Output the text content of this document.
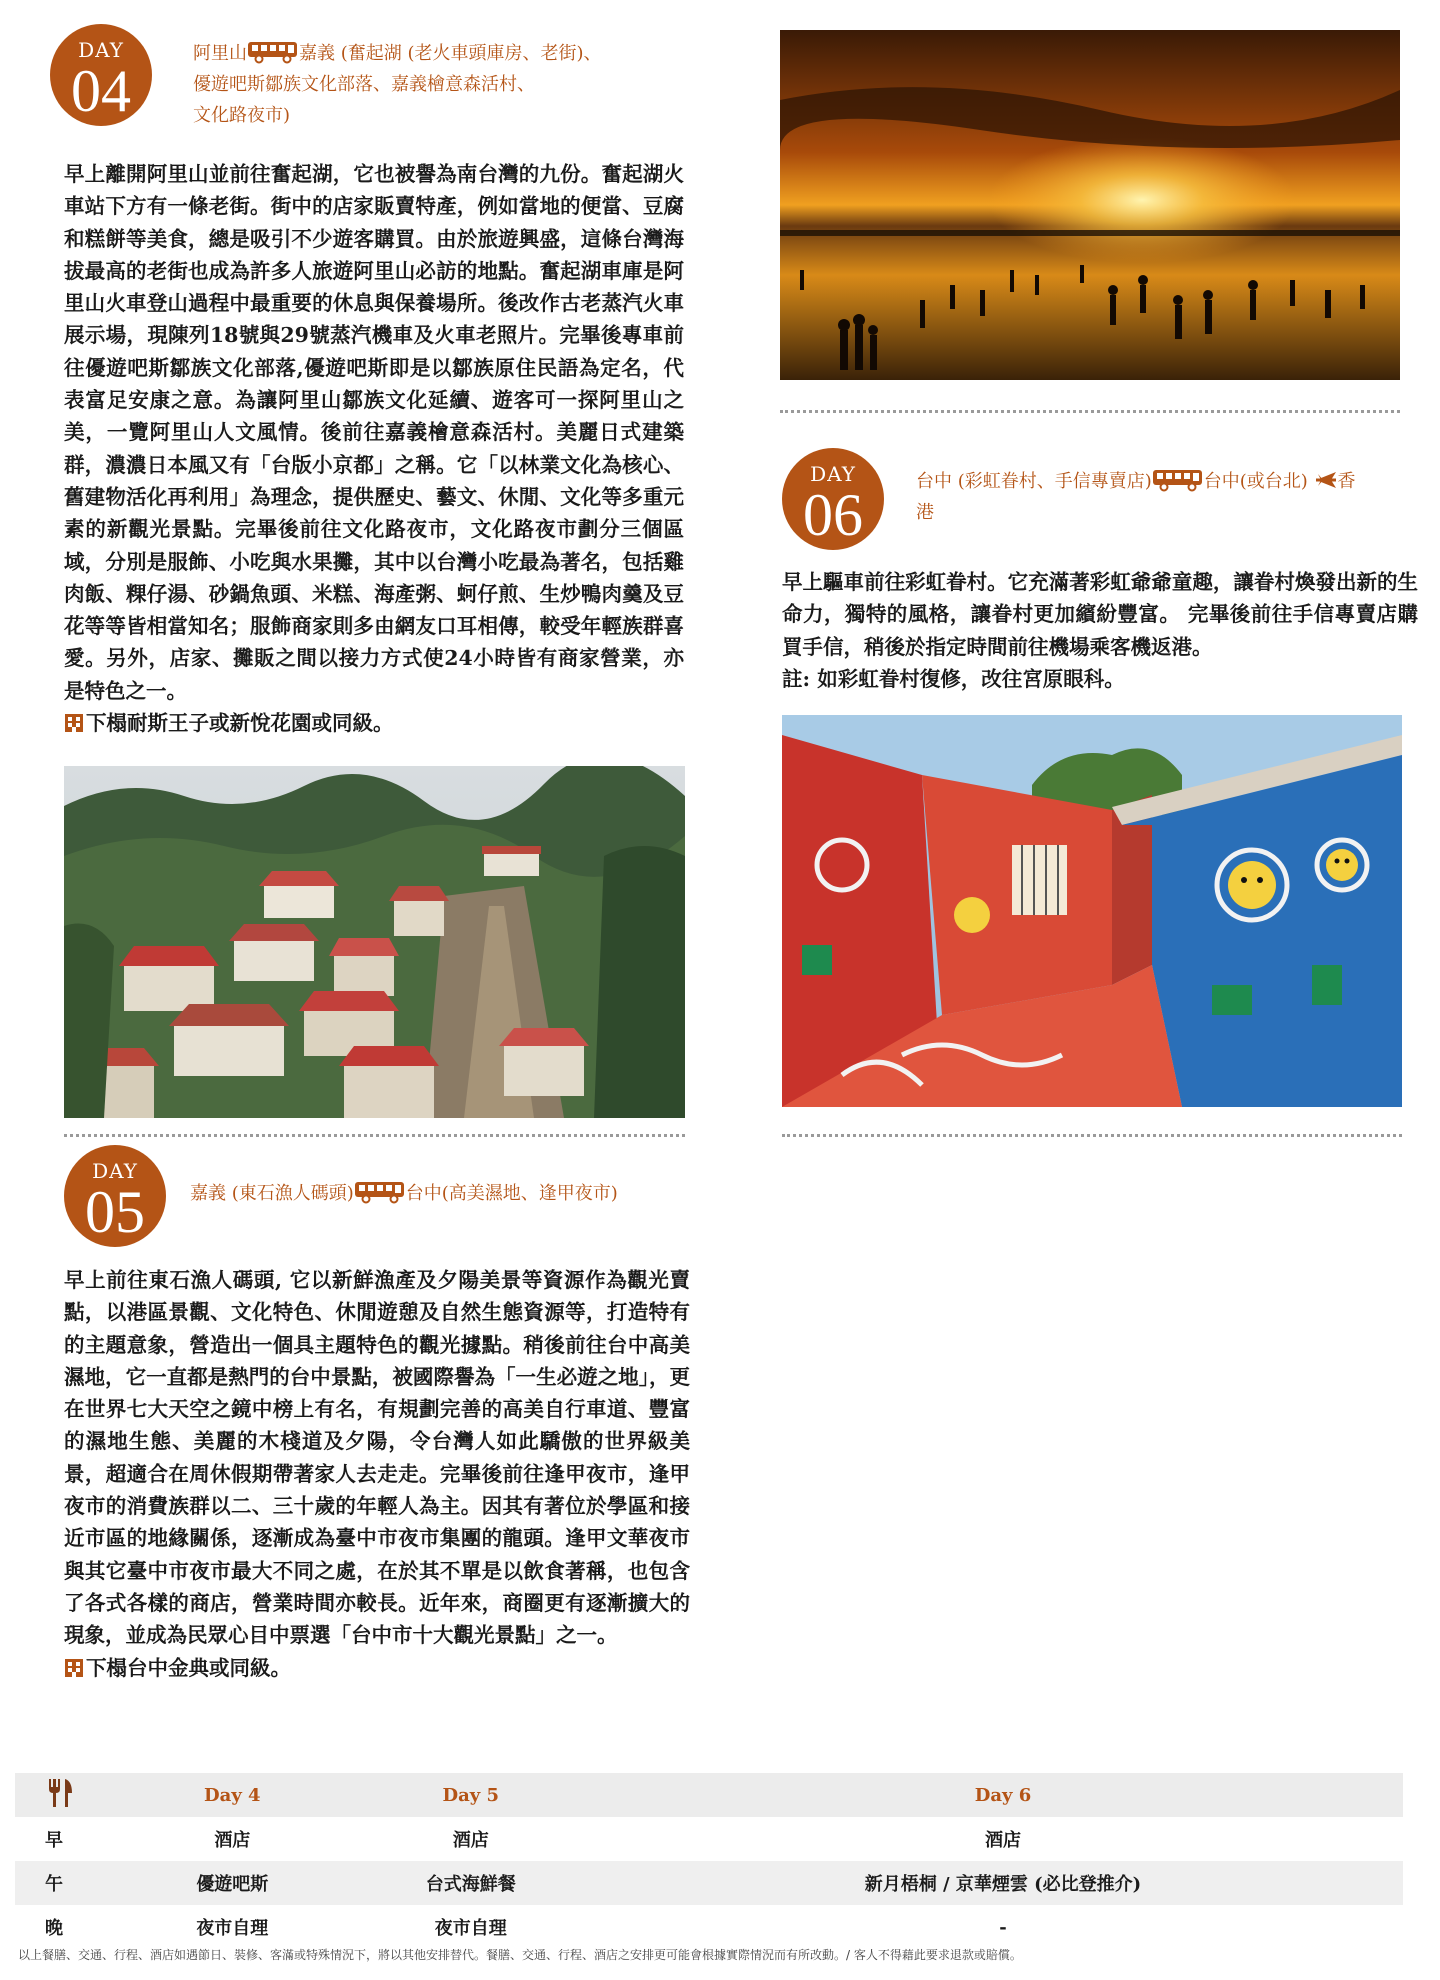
DAY
04
阿里山	嘉義 (奮起湖 (老火車頭庫房、老街)、
優遊吧斯鄒族文化部落、嘉義檜意森活村、
文化路夜市)

早上離開阿里山並前往奮起湖，它也被譽為南台灣的九份。奮起湖火車站下方有一條老街。街中的店家販賣特產，例如當地的便當、豆腐和糕餅等美食，總是吸引不少遊客購買。由於旅遊興盛，這條台灣海拔最高的老街也成為許多人旅遊阿里山必訪的地點。奮起湖車庫是阿里山火車登山過程中最重要的休息與保養場所。後改作古老蒸汽火車展示場，現陳列18號與29號蒸汽機車及火車老照片。完畢後專車前往優遊吧斯鄒族文化部落,優遊吧斯即是以鄒族原住民語為定名，代表富足安康之意。為讓阿里山鄒族文化延續、遊客可一探阿里山之美，一覽阿里山人文風情。後前往嘉義檜意森活村。美麗日式建築群，濃濃日本風又有「台版小京都」之稱。它「以林業文化為核心、舊建物活化再利用」為理念，提供歷史、藝文、休閒、文化等多重元素的新觀光景點。完畢後前往文化路夜市，文化路夜市劃分三個區域，分別是服飾、小吃與水果攤，其中以台灣小吃最為著名，包括雞肉飯、粿仔湯、砂鍋魚頭、米糕、海產粥、蚵仔煎、生炒鴨肉羹及豆花等等皆相當知名；服飾商家則多由網友口耳相傳，較受年輕族群喜愛。另外，店家、攤販之間以接力方式使24小時皆有商家營業，亦是特色之一。

下榻耐斯王子或新悅花園或同級。

DAY
05	嘉義 (東石漁人碼頭)	台中(高美濕地、逢甲夜市)

早上前往東石漁人碼頭, 它以新鮮漁產及夕陽美景等資源作為觀光賣點，以港區景觀、文化特色、休閒遊憩及自然生態資源等，打造特有的主題意象，營造出一個具主題特色的觀光據點。稍後前往台中高美濕地，它一直都是熱門的台中景點，被國際譽為「一生必遊之地」，更在世界七大天空之鏡中榜上有名，有規劃完善的高美自行車道、豐富的濕地生態、美麗的木棧道及夕陽，令台灣人如此驕傲的世界級美景，超適合在周休假期帶著家人去走走。完畢後前往逢甲夜市，逢甲夜市的消費族群以二、三十歲的年輕人為主。因其有著位於學區和接近市區的地緣關係，逐漸成為臺中市夜市集團的龍頭。逢甲文華夜市與其它臺中市夜市最大不同之處，在於其不單是以飲食著稱，也包含了各式各樣的商店，營業時間亦較長。近年來，商圈更有逐漸擴大的現象，並成為民眾心目中票選「台中市十大觀光景點」之一。

下榻台中金典或同級。

DAY
06
台中 (彩虹眷村、手信專賣店)	台中(或台北) 香
港

早上驅車前往彩虹眷村。它充滿著彩虹爺爺童趣，讓眷村煥發出新的生命力，獨特的風格，讓眷村更加繽紛豐富。 完畢後前往手信專賣店購買手信，稍後於指定時間前往機場乘客機返港。

註: 如彩虹眷村復修，改往宮原眼科。

	Day 4	Day 5	Day 6
早	酒店	酒店	酒店
午	優遊吧斯	台式海鮮餐	新月梧桐 / 京華煙雲 (必比登推介)
晚	夜市自理	夜市自理	-
以上餐膳、交通、行程、酒店如遇節日、裝修、客滿或特殊情況下，將以其他安排替代。餐膳、交通、行程、酒店之安排更可能會根據實際情況而有所改動。/ 客人不得藉此要求退款或賠償。
